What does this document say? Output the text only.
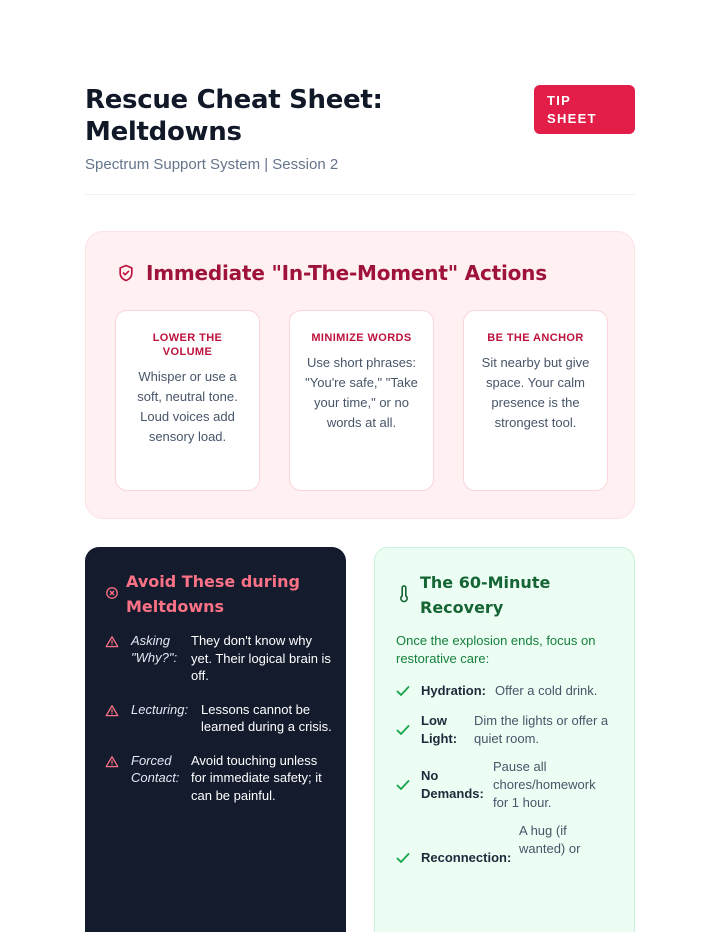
Rescue Cheat Sheet: Meltdowns
Spectrum Support System | Session 2
TIP
SHEET
Immediate "In-The-Moment" Actions
LOWER THE VOLUME
Whisper or use a soft, neutral tone. Loud voices add sensory load.
MINIMIZE WORDS
Use short phrases: "You're safe," "Take your time," or no words at all.
BE THE ANCHOR
Sit nearby but give space. Your calm presence is the strongest tool.
Avoid These during Meltdowns
Asking "Why?":
They don't know why yet. Their logical brain is off.
Lecturing: Lessons cannot be learned during a crisis.
Forced Contact:
Avoid touching unless for immediate safety; it can be painful.
The 60-Minute Recovery
Once the explosion ends, focus on restorative care:
Hydration: Offer a cold drink.
Low Light:
Dim the lights or offer a quiet room.
No Demands:
Pause all chores/homework for 1 hour.
Reconnection:
A hug (if wanted) or
